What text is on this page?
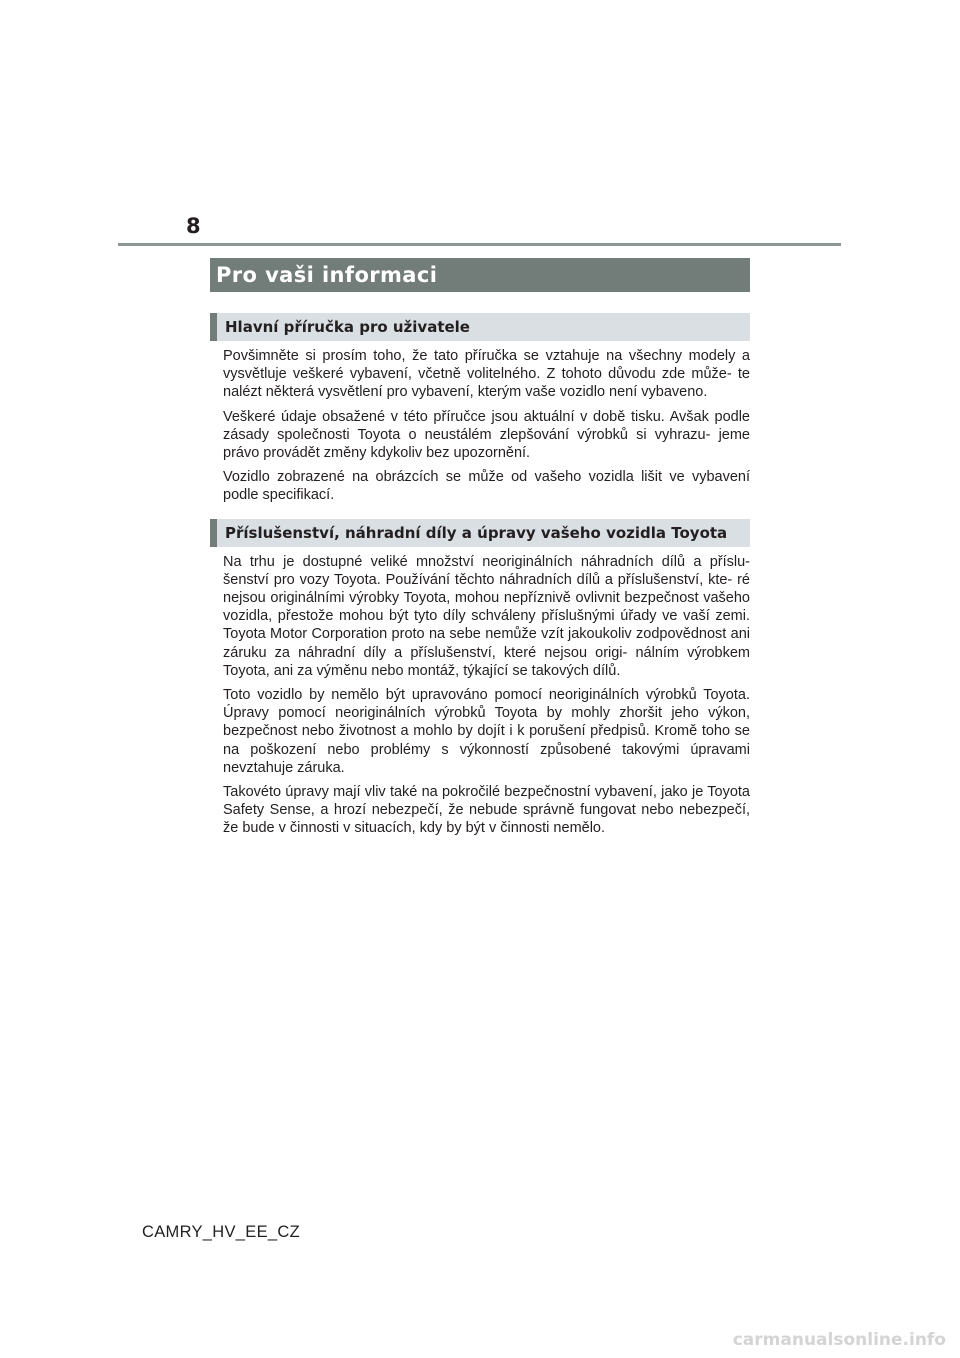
8
Pro vaši informaci
Hlavní příručka pro uživatele

Povšimněte si prosím toho, že tato příručka se vztahuje na všechny modely a vysvětluje veškeré vybavení, včetně volitelného. Z tohoto důvodu zde může- te nalézt některá vysvětlení pro vybavení, kterým vaše vozidlo není vybaveno.

Veškeré údaje obsažené v této příručce jsou aktuální v době tisku. Avšak podle zásady společnosti Toyota o neustálém zlepšování výrobků si vyhrazu- jeme právo provádět změny kdykoliv bez upozornění.

Vozidlo zobrazené na obrázcích se může od vašeho vozidla lišit ve vybavení podle specifikací.

Příslušenství, náhradní díly a úpravy vašeho vozidla Toyota

Na trhu je dostupné veliké množství neoriginálních náhradních dílů a příslu- šenství pro vozy Toyota. Používání těchto náhradních dílů a příslušenství, kte- ré nejsou originálními výrobky Toyota, mohou nepříznivě ovlivnit bezpečnost vašeho vozidla, přestože mohou být tyto díly schváleny příslušnými úřady ve vaší zemi. Toyota Motor Corporation proto na sebe nemůže vzít jakoukoliv zodpovědnost ani záruku za náhradní díly a příslušenství, které nejsou origi- nálním výrobkem Toyota, ani za výměnu nebo montáž, týkající se takových dílů.

Toto vozidlo by nemělo být upravováno pomocí neoriginálních výrobků Toyota. Úpravy pomocí neoriginálních výrobků Toyota by mohly zhoršit jeho výkon, bezpečnost nebo životnost a mohlo by dojít i k porušení předpisů. Kromě toho se na poškození nebo problémy s výkonností způsobené takovými úpravami nevztahuje záruka.

Takovéto úpravy mají vliv také na pokročilé bezpečnostní vybavení, jako je Toyota Safety Sense, a hrozí nebezpečí, že nebude správně fungovat nebo nebezpečí, že bude v činnosti v situacích, kdy by být v činnosti nemělo.

CAMRY_HV_EE_CZ
carmanualsonline.info
